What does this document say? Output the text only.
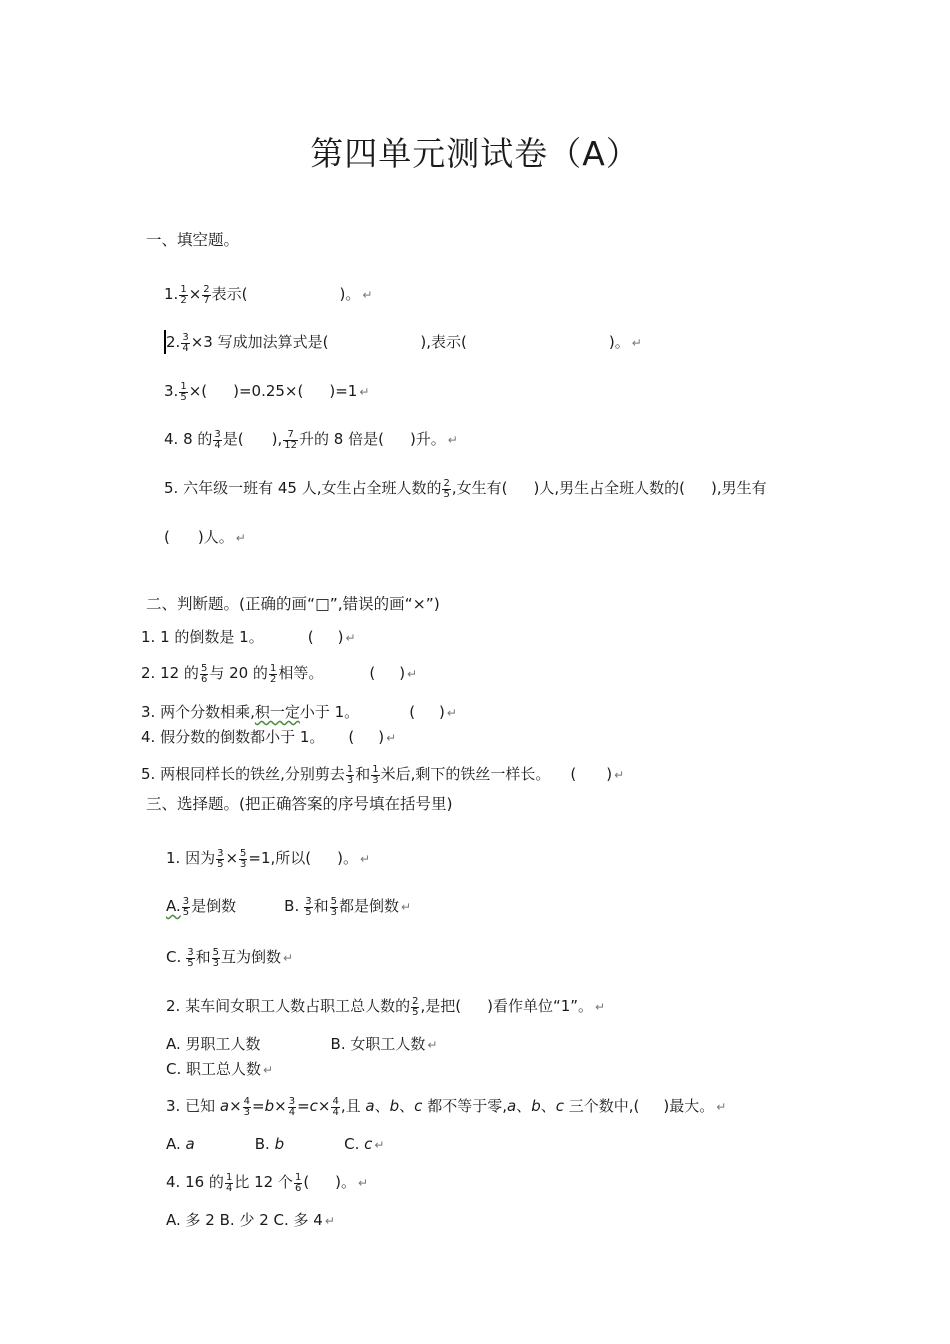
第四单元测试卷（A）
一、填空题。
1. $\frac{1}{2} \times \frac{2}{7}$ 表示(	)。 ↵
2. $\frac{3}{4} \times 3$ 写成加法算式是(	),表示(	)。 ↵
3. $\frac{1}{5}$ ×( )=0.25×( )=1 ↵
4. 8 的 $\frac{3}{4}$ 是( ), $\frac{7}{12}$ 升的 8 倍是( )升。 ↵
5. 六年级一班有 45 人,女生占全班人数的 $\frac{2}{5}$ ,女生有( )人,男生占全班人数的( ),男生有
( )人。 ↵
二、判断题。(正确的画“□”,错误的画“×”)
1. 1 的倒数是 1。	( ) ↵
2. 12 的 $\frac{5}{6}$ 与 20 的 $\frac{1}{2}$ 相等。	( ) ↵
3. 两个分数相乘,积一定小于 1。	( ) ↵
4. 假分数的倒数都小于 1。 ( ) ↵
5. 两根同样长的铁丝,分别剪去 $\frac{1}{3}$ 和 $\frac{1}{3}$ 米后,剩下的铁丝一样长。 ( ) ↵
三、选择题。(把正确答案的序号填在括号里)
1. 因为 $\frac{3}{5} \times \frac{5}{3} =1$,所以( )。 ↵
A. $\frac{3}{5}$ 是倒数	B. $\frac{3}{5}$ 和 $\frac{5}{3}$ 都是倒数 ↵
C. $\frac{3}{5}$ 和 $\frac{5}{3}$ 互为倒数 ↵
2. 某车间女职工人数占职工总人数的 $\frac{2}{5}$ ,是把( )看作单位“1”。 ↵
A. 男职工人数	B. 女职工人数 ↵
C. 职工总人数 ↵
3. 已知 $a\times \frac{4}{3} =b\times \frac{3}{4} =c\times \frac{4}{4}$ ,且 a、b、c 都不等于零,a、b、c 三个数中,( )最大。 ↵
A. a	B. b	C. c ↵
4. 16 的 $\frac{1}{4}$ 比 12 个 $\frac{1}{6}$ ( )。 ↵
A. 多 2 B. 少 2 C. 多 4 ↵
